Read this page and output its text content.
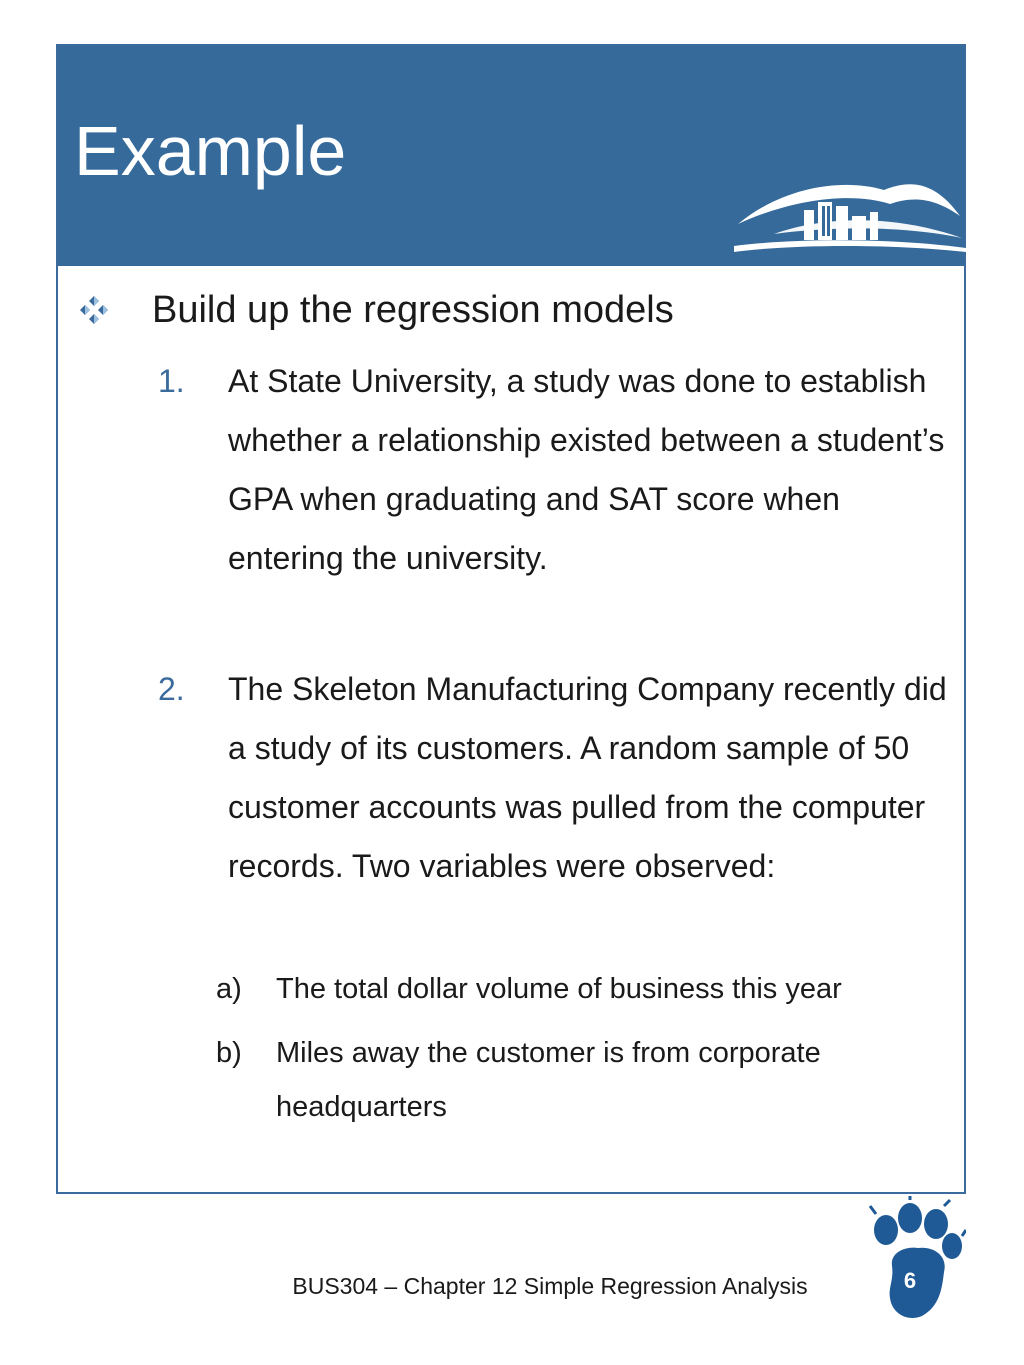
Example
Build up the regression models
1. At State University, a study was done to establish whether a relationship existed between a student’s GPA when graduating and SAT score when entering the university.
2. The Skeleton Manufacturing Company recently did a study of its customers. A random sample of 50 customer accounts was pulled from the computer records. Two variables were observed:
a) The total dollar volume of business this year
b) Miles away the customer is from corporate headquarters
BUS304 – Chapter 12 Simple Regression Analysis	6
